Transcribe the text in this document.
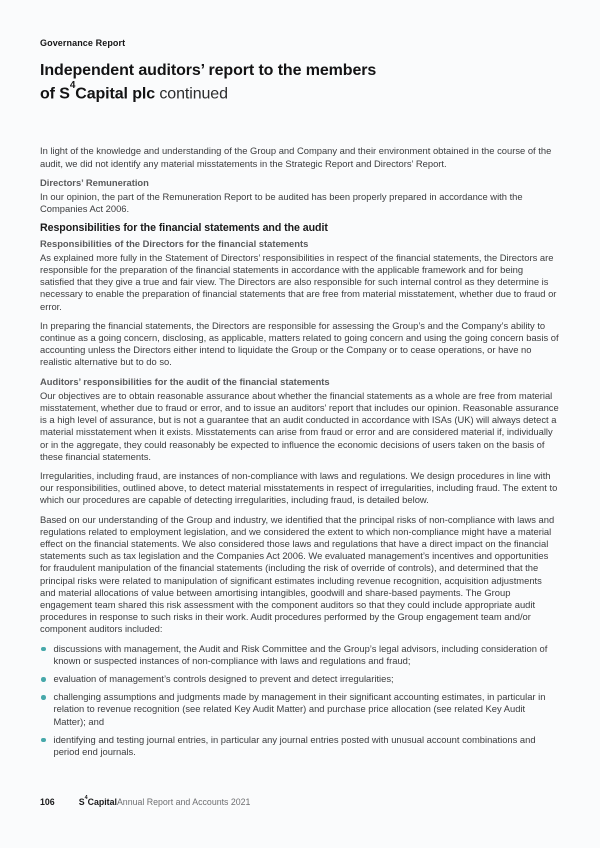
Governance Report
Independent auditors’ report to the members
of $S^4Capital$ plc continued

In light of the knowledge and understanding of the Group and Company and their environment obtained in the course of the audit, we did not identify any material misstatements in the Strategic Report and Directors’ Report.

Directors’ Remuneration

In our opinion, the part of the Remuneration Report to be audited has been properly prepared in accordance with the Companies Act 2006.

Responsibilities for the financial statements and the audit
Responsibilities of the Directors for the financial statements

As explained more fully in the Statement of Directors’ responsibilities in respect of the financial statements, the Directors are responsible for the preparation of the financial statements in accordance with the applicable framework and for being satisfied that they give a true and fair view. The Directors are also responsible for such internal control as they determine is necessary to enable the preparation of financial statements that are free from material misstatement, whether due to fraud or error.

In preparing the financial statements, the Directors are responsible for assessing the Group’s and the Company’s ability to continue as a going concern, disclosing, as applicable, matters related to going concern and using the going concern basis of accounting unless the Directors either intend to liquidate the Group or the Company or to cease operations, or have no realistic alternative but to do so.

Auditors’ responsibilities for the audit of the financial statements

Our objectives are to obtain reasonable assurance about whether the financial statements as a whole are free from material misstatement, whether due to fraud or error, and to issue an auditors’ report that includes our opinion. Reasonable assurance is a high level of assurance, but is not a guarantee that an audit conducted in accordance with ISAs (UK) will always detect a material misstatement when it exists. Misstatements can arise from fraud or error and are considered material if, individually or in the aggregate, they could reasonably be expected to influence the economic decisions of users taken on the basis of these financial statements.

Irregularities, including fraud, are instances of non-compliance with laws and regulations. We design procedures in line with our responsibilities, outlined above, to detect material misstatements in respect of irregularities, including fraud. The extent to which our procedures are capable of detecting irregularities, including fraud, is detailed below.

Based on our understanding of the Group and industry, we identified that the principal risks of non-compliance with laws and regulations related to employment legislation, and we considered the extent to which non-compliance might have a material effect on the financial statements. We also considered those laws and regulations that have a direct impact on the financial statements such as tax legislation and the Companies Act 2006. We evaluated management’s incentives and opportunities for fraudulent manipulation of the financial statements (including the risk of override of controls), and determined that the principal risks were related to manipulation of significant estimates including revenue recognition, acquisition adjustments and material allocations of value between amortising intangibles, goodwill and share-based payments. The Group engagement team shared this risk assessment with the component auditors so that they could include appropriate audit procedures in response to such risks in their work. Audit procedures performed by the Group engagement team and/or component auditors included:

discussions with management, the Audit and Risk Committee and the Group’s legal advisors, including consideration of known or suspected instances of non-compliance with laws and regulations and fraud;
evaluation of management’s controls designed to prevent and detect irregularities;
challenging assumptions and judgments made by management in their significant accounting estimates, in particular in relation to revenue recognition (see related Key Audit Matter) and purchase price allocation (see related Key Audit Matter); and
identifying and testing journal entries, in particular any journal entries posted with unusual account combinations and period end journals.
106	$S^4Capital$ Annual Report and Accounts 2021
